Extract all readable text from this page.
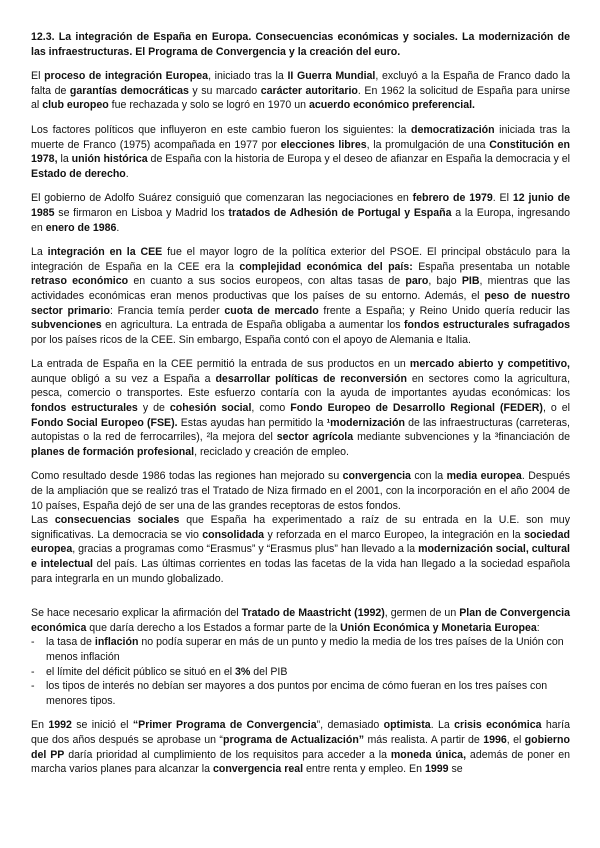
12.3. La integración de España en Europa. Consecuencias económicas y sociales. La modernización de las infraestructuras. El Programa de Convergencia y la creación del euro.

El proceso de integración Europea, iniciado tras la II Guerra Mundial, excluyó a la España de Franco dado la falta de garantías democráticas y su marcado carácter autoritario. En 1962 la solicitud de España para unirse al club europeo fue rechazada y solo se logró en 1970 un acuerdo económico preferencial.

Los factores políticos que influyeron en este cambio fueron los siguientes: la democratización iniciada tras la muerte de Franco (1975) acompañada en 1977 por elecciones libres, la promulgación de una Constitución en 1978, la unión histórica de España con la historia de Europa y el deseo de afianzar en España la democracia y el Estado de derecho.

El gobierno de Adolfo Suárez consiguió que comenzaran las negociaciones en febrero de 1979. El 12 junio de 1985 se firmaron en Lisboa y Madrid los tratados de Adhesión de Portugal y España a la Europa, ingresando en enero de 1986.

La integración en la CEE fue el mayor logro de la política exterior del PSOE. El principal obstáculo para la integración de España en la CEE era la complejidad económica del país: España presentaba un notable retraso económico en cuanto a sus socios europeos, con altas tasas de paro, bajo PIB, mientras que las actividades económicas eran menos productivas que los países de su entorno. Además, el peso de nuestro sector primario: Francia temía perder cuota de mercado frente a España; y Reino Unido quería reducir las subvenciones en agricultura. La entrada de España obligaba a aumentar los fondos estructurales sufragados por los países ricos de la CEE. Sin embargo, España contó con el apoyo de Alemania e Italia.

La entrada de España en la CEE permitió la entrada de sus productos en un mercado abierto y competitivo, aunque obligó a su vez a España a desarrollar políticas de reconversión en sectores como la agricultura, pesca, comercio o transportes. Este esfuerzo contaría con la ayuda de importantes ayudas económicas: los fondos estructurales y de cohesión social, como Fondo Europeo de Desarrollo Regional (FEDER), o el Fondo Social Europeo (FSE). Estas ayudas han permitido la ¹modernización de las infraestructuras (carreteras, autopistas o la red de ferrocarriles), ²la mejora del sector agrícola mediante subvenciones y la ³financiación de planes de formación profesional, reciclado y creación de empleo.

Como resultado desde 1986 todas las regiones han mejorado su convergencia con la media europea. Después de la ampliación que se realizó tras el Tratado de Niza firmado en el 2001, con la incorporación en el año 2004 de 10 países, España dejó de ser una de las grandes receptoras de estos fondos.

Las consecuencias sociales que España ha experimentado a raíz de su entrada en la U.E. son muy significativas. La democracia se vio consolidada y reforzada en el marco Europeo, la integración en la sociedad europea, gracias a programas como “Erasmus” y “Erasmus plus” han llevado a la modernización social, cultural e intelectual del país. Las últimas corrientes en todas las facetas de la vida han llegado a la sociedad española para integrarla en un mundo globalizado.

Se hace necesario explicar la afirmación del Tratado de Maastricht (1992), germen de un Plan de Convergencia económica que daría derecho a los Estados a formar parte de la Unión Económica y Monetaria Europea:

- la tasa de inflación no podía superar en más de un punto y medio la media de los tres países de la Unión con menos inflación
- el límite del déficit público se situó en el 3% del PIB
- los tipos de interés no debían ser mayores a dos puntos por encima de cómo fueran en los tres países con menores tipos.

En 1992 se inició el “Primer Programa de Convergencia”, demasiado optimista. La crisis económica haría que dos años después se aprobase un “programa de Actualización” más realista. A partir de 1996, el gobierno del PP daría prioridad al cumplimiento de los requisitos para acceder a la moneda única, además de poner en marcha varios planes para alcanzar la convergencia real entre renta y empleo. En 1999 se
